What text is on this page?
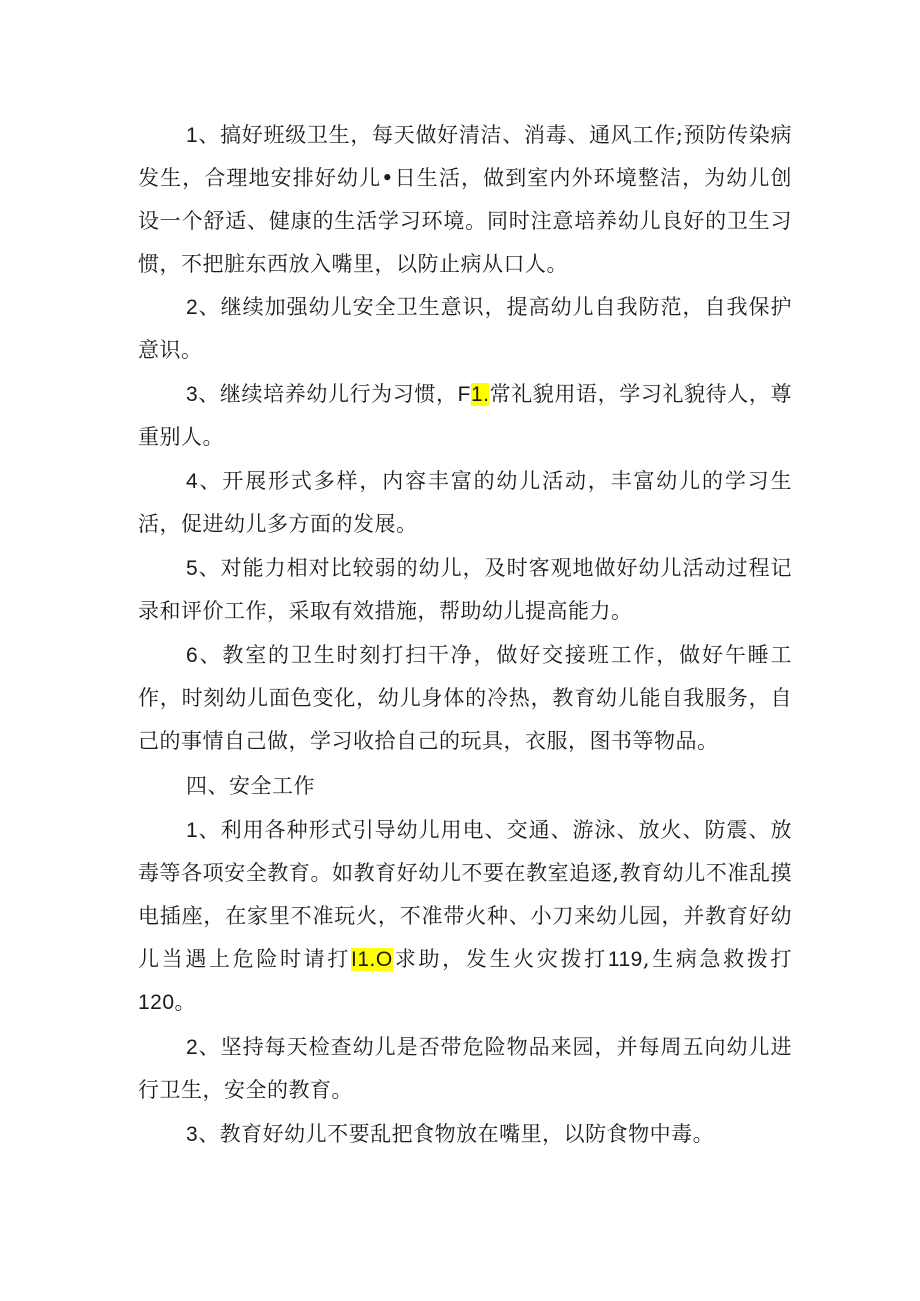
1、搞好班级卫生，每天做好清洁、消毒、通风工作;预防传染病发生，合理地安排好幼儿•日生活，做到室内外环境整洁，为幼儿创设一个舒适、健康的生活学习环境。同时注意培养幼儿良好的卫生习惯，不把脏东西放入嘴里，以防止病从口人。

2、继续加强幼儿安全卫生意识，提高幼儿自我防范，自我保护意识。

3、继续培养幼儿行为习惯，F1.常礼貌用语，学习礼貌待人，尊重别人。

4、开展形式多样，内容丰富的幼儿活动，丰富幼儿的学习生活，促进幼儿多方面的发展。

5、对能力相对比较弱的幼儿，及时客观地做好幼儿活动过程记录和评价工作，采取有效措施，帮助幼儿提高能力。

6、教室的卫生时刻打扫干净，做好交接班工作，做好午睡工作，时刻幼儿面色变化，幼儿身体的冷热，教育幼儿能自我服务，自己的事情自己做，学习收拾自己的玩具，衣服，图书等物品。

四、安全工作

1、利用各种形式引导幼儿用电、交通、游泳、放火、防震、放毒等各项安全教育。如教育好幼儿不要在教室追逐,教育幼儿不准乱摸电插座，在家里不准玩火，不准带火种、小刀来幼儿园，并教育好幼儿当遇上危险时请打I1.O求助，发生火灾拨打119,生病急救拨打120。

2、坚持每天检查幼儿是否带危险物品来园，并每周五向幼儿进行卫生，安全的教育。

3、教育好幼儿不要乱把食物放在嘴里，以防食物中毒。
